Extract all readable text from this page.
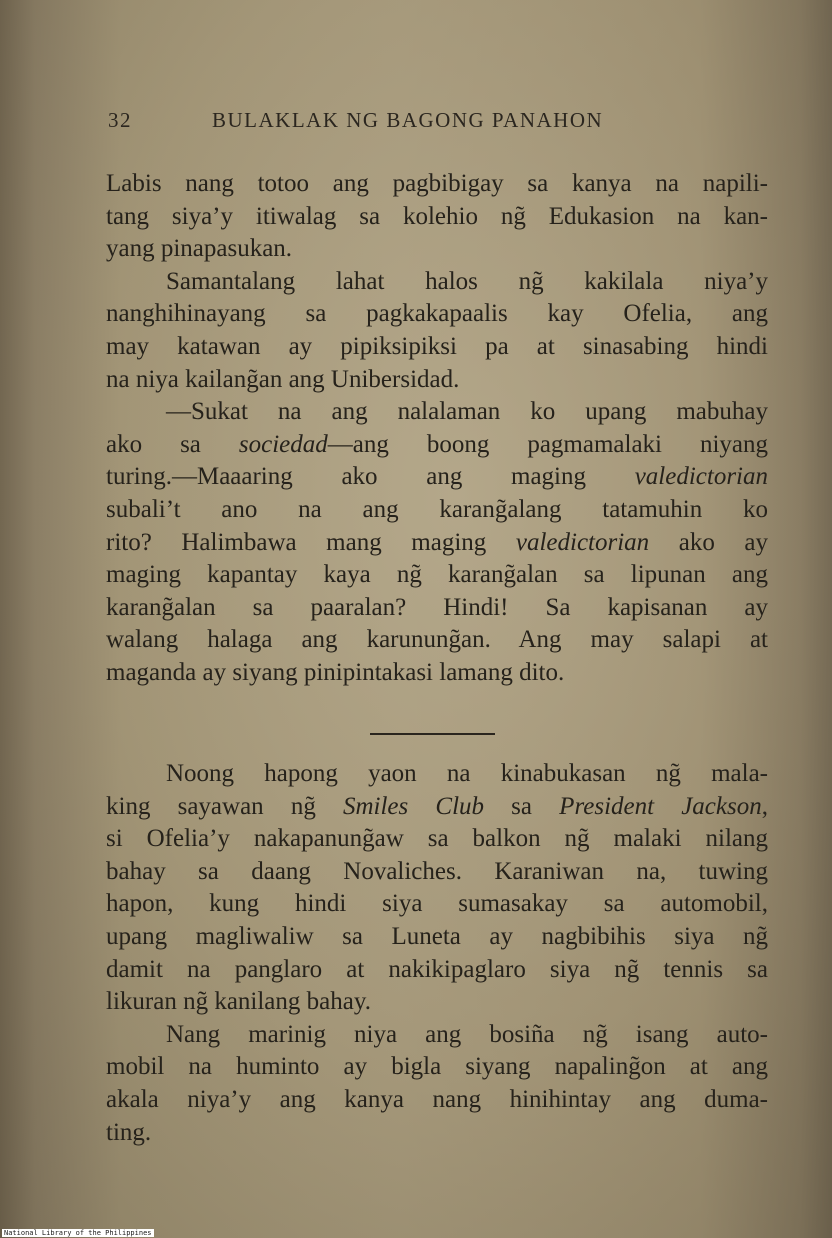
32	BULAKLAK NG BAGONG PANAHON
Labis nang totoo ang pagbibigay sa kanya na napili-
tang siya’y itiwalag sa kolehio ng̃ Edukasion na kan-
yang pinapasukan.
Samantalang lahat halos ng̃ kakilala niya’y
nanghihinayang sa pagkakapaalis kay Ofelia, ang
may katawan ay pipiksipiksi pa at sinasabing hindi
na niya kailang̃an ang Unibersidad.
—Sukat na ang nalalaman ko upang mabuhay
ako sa sociedad—ang boong pagmamalaki niyang
turing.—Maaaring ako ang maging valedictorian
subali’t ano na ang karang̃alang tatamuhin ko
rito? Halimbawa mang maging valedictorian ako ay
maging kapantay kaya ng̃ karang̃alan sa lipunan ang
karang̃alan sa paaralan? Hindi! Sa kapisanan ay
walang halaga ang karunung̃an. Ang may salapi at
maganda ay siyang pinipintakasi lamang dito.
Noong hapong yaon na kinabukasan ng̃ mala-
king sayawan ng̃ Smiles Club sa President Jackson,
si Ofelia’y nakapanung̃aw sa balkon ng̃ malaki nilang
bahay sa daang Novaliches. Karaniwan na, tuwing
hapon, kung hindi siya sumasakay sa automobil,
upang magliwaliw sa Luneta ay nagbibihis siya ng̃
damit na panglaro at nakikipaglaro siya ng̃ tennis sa
likuran ng̃ kanilang bahay.
Nang marinig niya ang bosiña ng̃ isang auto-
mobil na huminto ay bigla siyang napaling̃on at ang
akala niya’y ang kanya nang hinihintay ang duma-
ting.
National Library of the Philippines
